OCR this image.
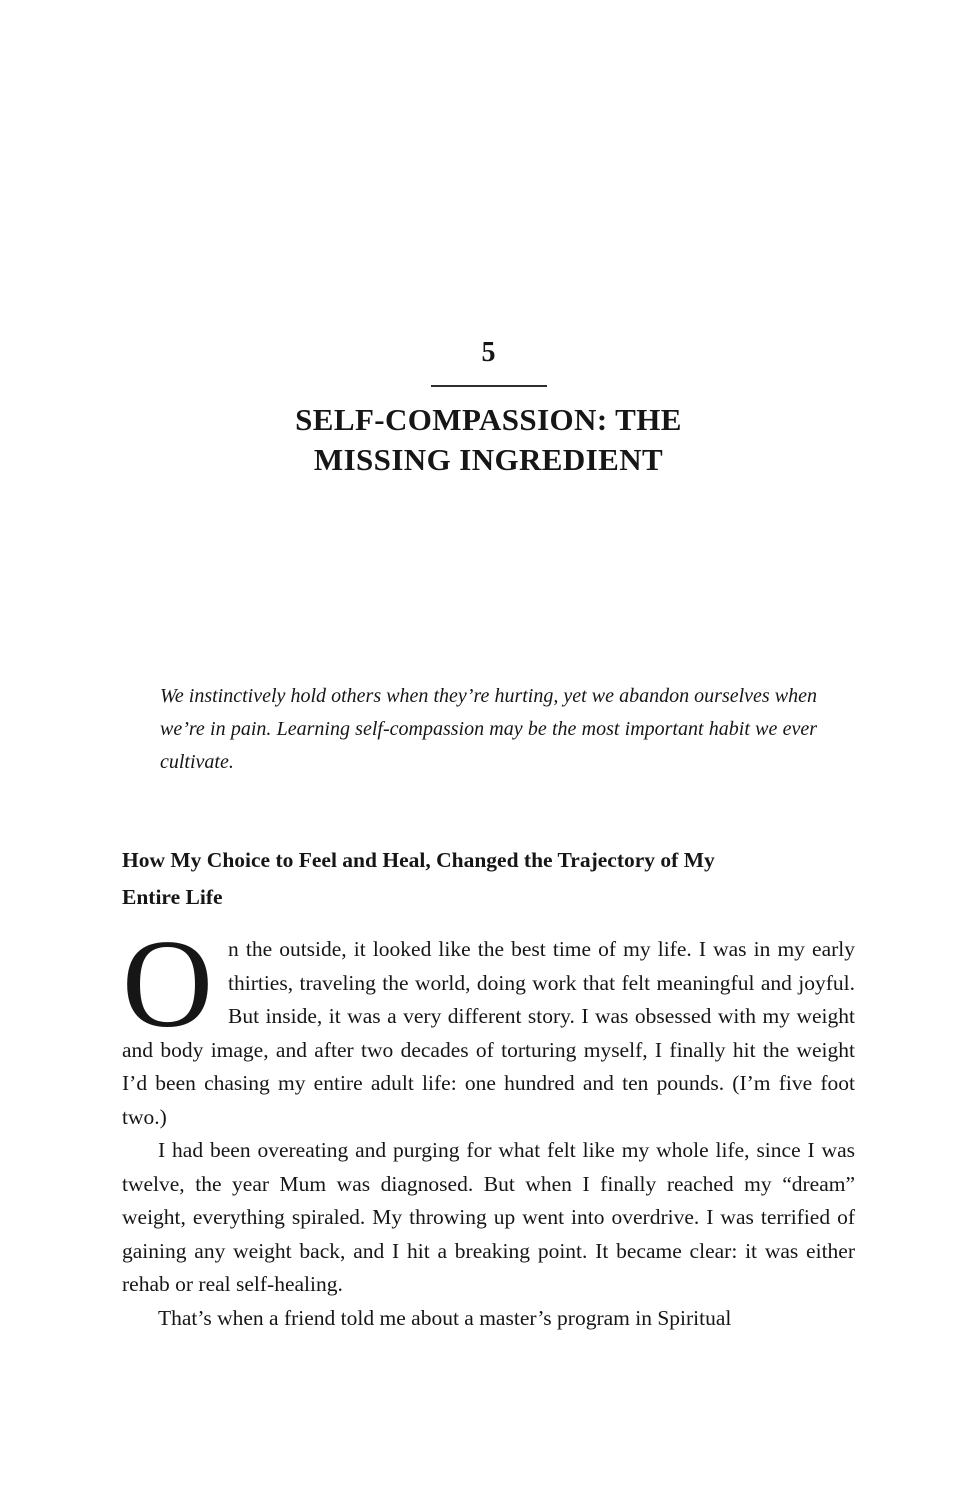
5
SELF-COMPASSION: THE
MISSING INGREDIENT
We instinctively hold others when they’re hurting, yet we abandon ourselves when we’re in pain. Learning self-compassion may be the most important habit we ever cultivate.
How My Choice to Feel and Heal, Changed the Trajectory of My
Entire Life

On the outside, it looked like the best time of my life. I was in my early thirties, traveling the world, doing work that felt meaningful and joyful. But inside, it was a very different story. I was obsessed with my weight and body image, and after two decades of torturing myself, I finally hit the weight I’d been chasing my entire adult life: one hundred and ten pounds. (I’m five foot two.)

I had been overeating and purging for what felt like my whole life, since I was twelve, the year Mum was diagnosed. But when I finally reached my “dream” weight, everything spiraled. My throwing up went into overdrive. I was terrified of gaining any weight back, and I hit a breaking point. It became clear: it was either rehab or real self-healing.

That’s when a friend told me about a master’s program in Spiritual
